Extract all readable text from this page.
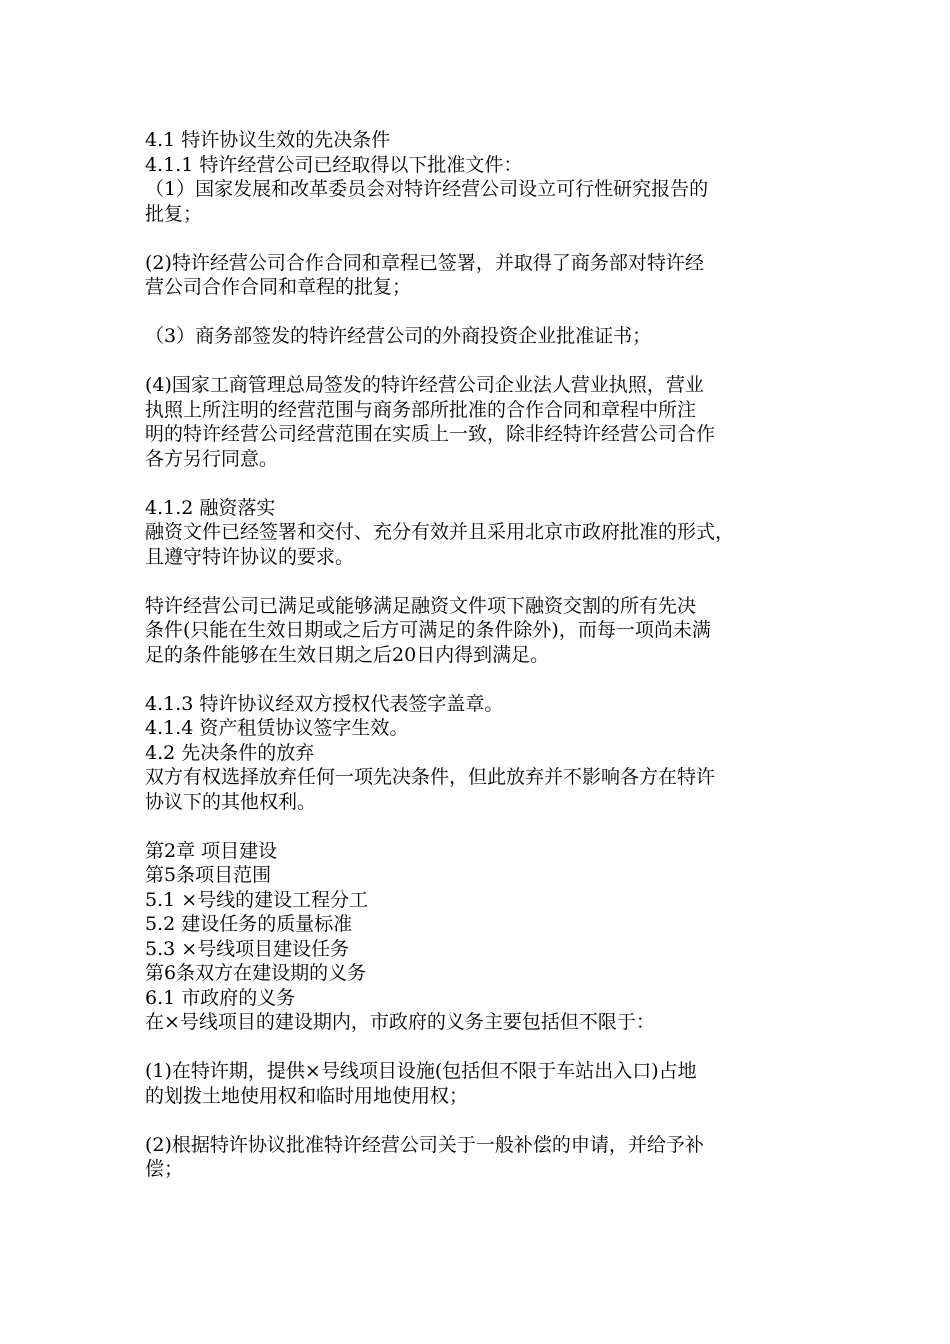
4.1 特许协议生效的先决条件
4.1.1 特许经营公司已经取得以下批准文件：
（1）国家发展和改革委员会对特许经营公司设立可行性研究报告的
批复；
(2)特许经营公司合作合同和章程已签署，并取得了商务部对特许经
营公司合作合同和章程的批复；
（3）商务部签发的特许经营公司的外商投资企业批准证书；
(4)国家工商管理总局签发的特许经营公司企业法人营业执照，营业
执照上所注明的经营范围与商务部所批准的合作合同和章程中所注
明的特许经营公司经营范围在实质上一致，除非经特许经营公司合作
各方另行同意。
4.1.2 融资落实
融资文件已经签署和交付、充分有效并且采用北京市政府批准的形式，
且遵守特许协议的要求。
特许经营公司已满足或能够满足融资文件项下融资交割的所有先决
条件(只能在生效日期或之后方可满足的条件除外)，而每一项尚未满
足的条件能够在生效日期之后20日内得到满足。
4.1.3 特许协议经双方授权代表签字盖章。
4.1.4 资产租赁协议签字生效。
4.2 先决条件的放弃
双方有权选择放弃任何一项先决条件，但此放弃并不影响各方在特许
协议下的其他权利。
第2章 项目建设
第5条项目范围
5.1 ×号线的建设工程分工
5.2 建设任务的质量标准
5.3 ×号线项目建设任务
第6条双方在建设期的义务
6.1 市政府的义务
在×号线项目的建设期内，市政府的义务主要包括但不限于：
(1)在特许期，提供×号线项目设施(包括但不限于车站出入口)占地
的划拨土地使用权和临时用地使用权；
(2)根据特许协议批准特许经营公司关于一般补偿的申请，并给予补
偿；
